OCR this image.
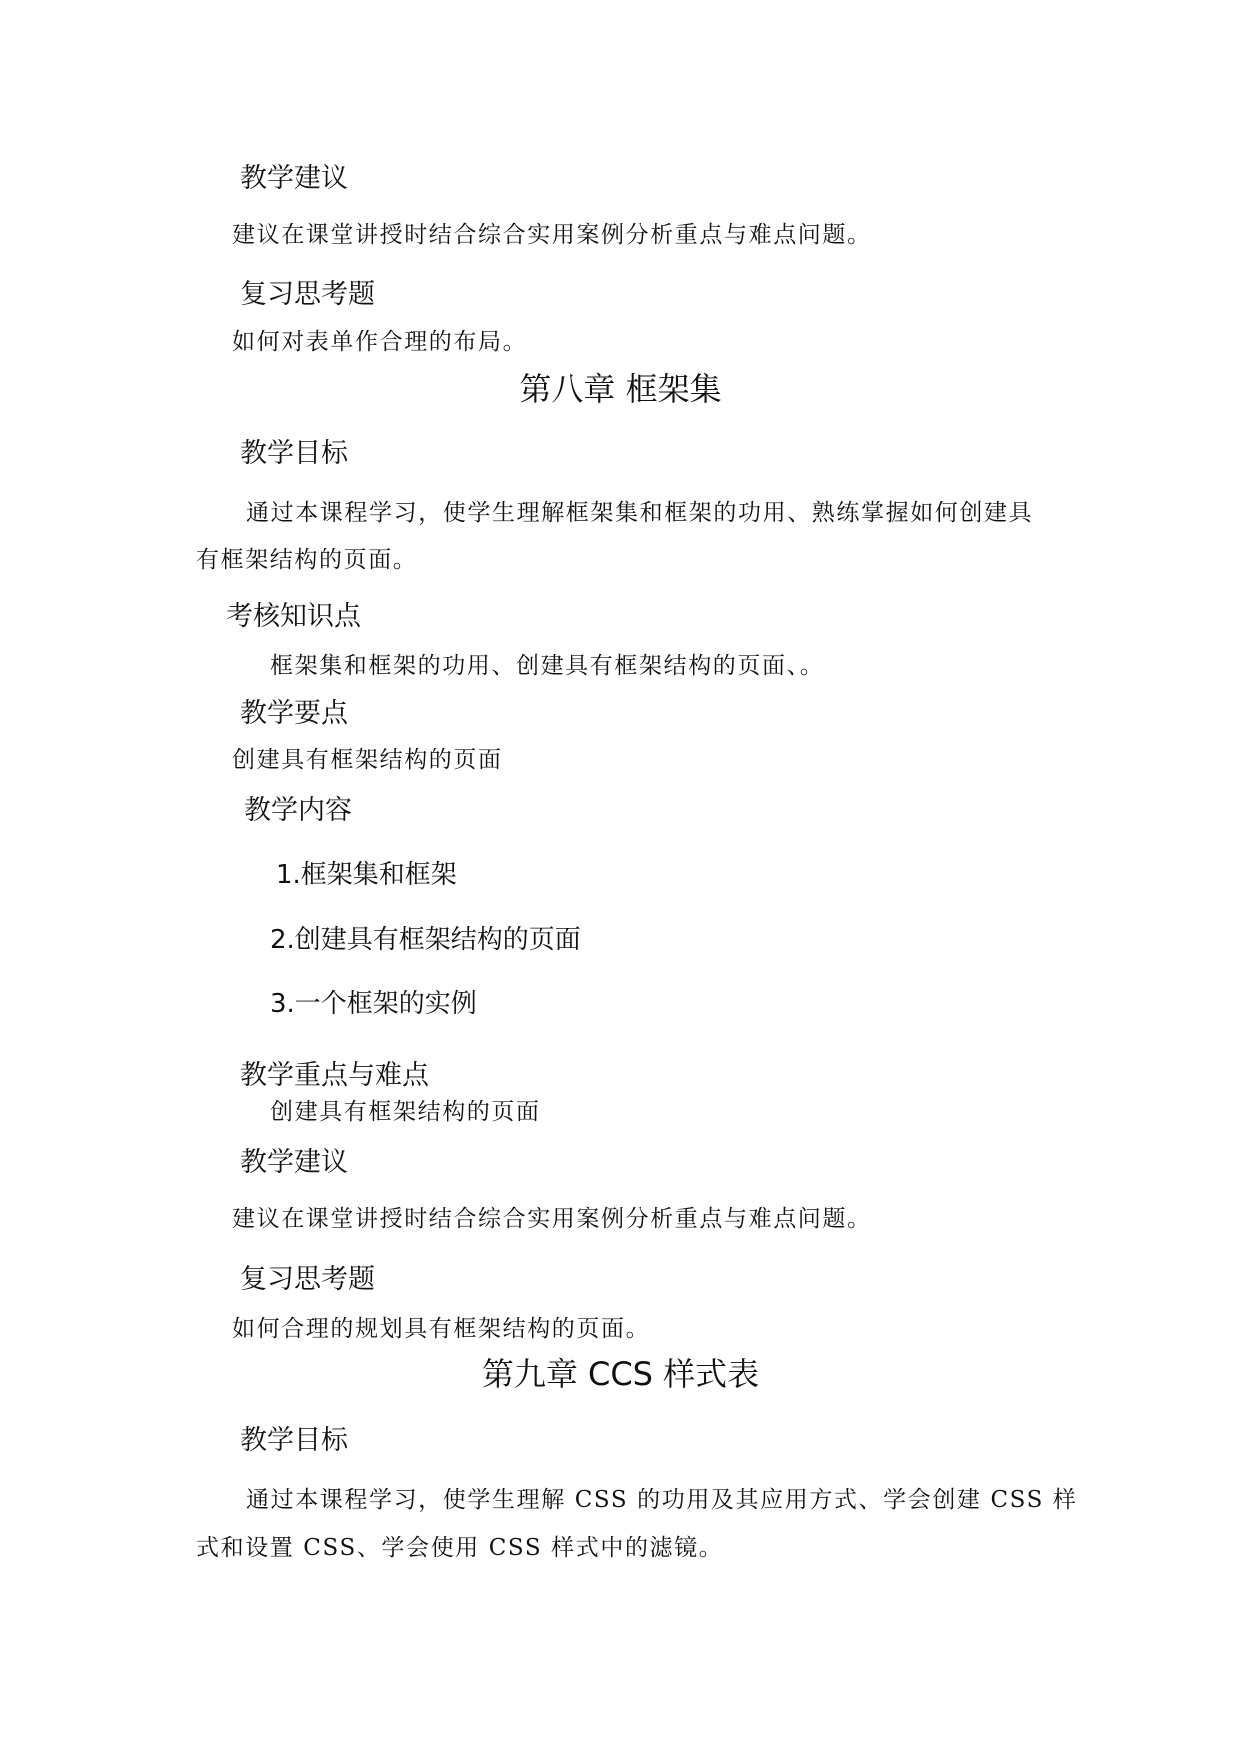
教学建议
建议在课堂讲授时结合综合实用案例分析重点与难点问题。
复习思考题
如何对表单作合理的布局。
第八章 框架集
教学目标
通过本课程学习，使学生理解框架集和框架的功用、熟练掌握如何创建具
有框架结构的页面。
考核知识点
框架集和框架的功用、创建具有框架结构的页面、。
教学要点
创建具有框架结构的页面
教学内容
1.框架集和框架
2.创建具有框架结构的页面
3.一个框架的实例
教学重点与难点
创建具有框架结构的页面
教学建议
建议在课堂讲授时结合综合实用案例分析重点与难点问题。
复习思考题
如何合理的规划具有框架结构的页面。
第九章 CCS 样式表
教学目标
通过本课程学习，使学生理解 CSS 的功用及其应用方式、学会创建 CSS 样
式和设置 CSS、学会使用 CSS 样式中的滤镜。
